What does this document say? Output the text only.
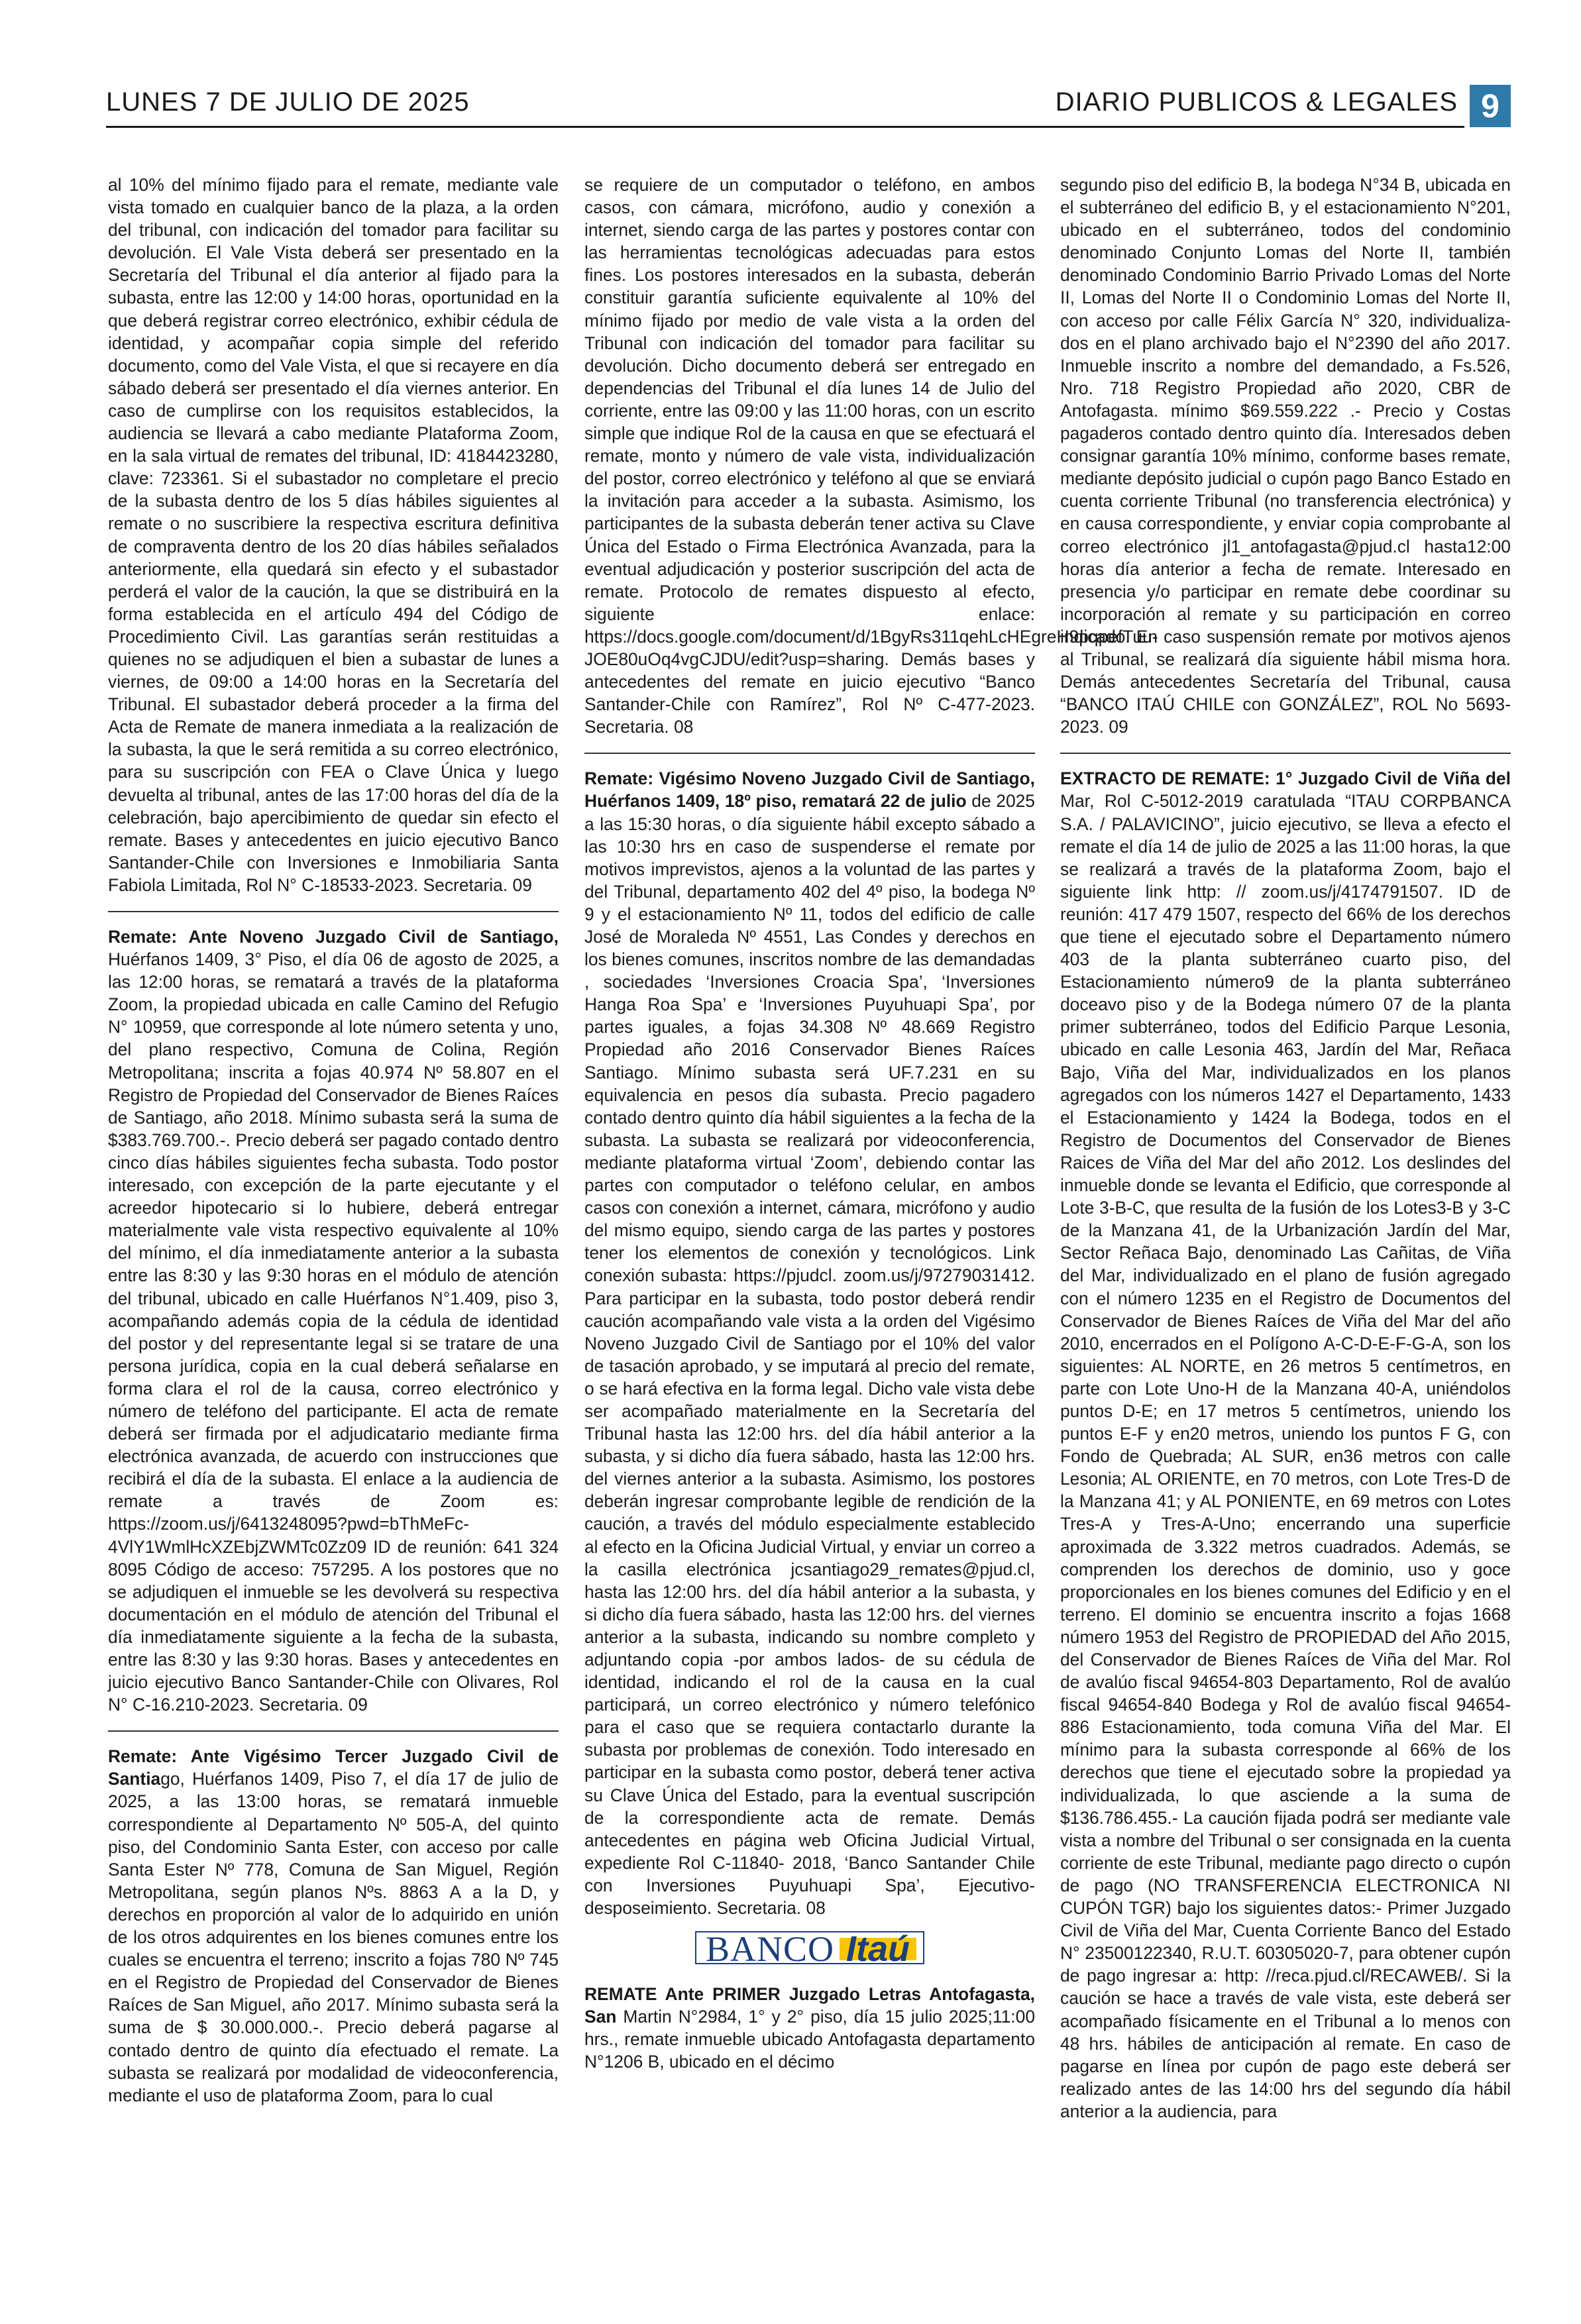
LUNES 7 DE JULIO DE 2025	DIARIO PUBLICOS & LEGALES 9

al 10% del mínimo fijado para el remate, mediante vale vista tomado en cualquier banco de la plaza, a la orden del tribunal, con indicación del tomador para facilitar su devolución. El Vale Vista deberá ser presentado en la Secretaría del Tribunal el día anterior al fijado para la subasta, entre las 12:00 y 14:00 horas, oportunidad en la que deberá registrar correo electrónico, exhibir cédula de identidad, y acompañar copia simple del referido documento, como del Vale Vista, el que si recayere en día sábado deberá ser presentado el día viernes anterior. En caso de cumplirse con los requisitos establecidos, la audiencia se llevará a cabo mediante Plataforma Zoom, en la sala virtual de remates del tribunal, ID: 4184423280, clave: 723361. Si el subastador no completare el precio de la subasta dentro de los 5 días hábiles siguientes al remate o no suscribiere la respectiva escritura definitiva de compraventa dentro de los 20 días hábiles señalados anteriormente, ella quedará sin efecto y el subastador perderá el valor de la caución, la que se distribuirá en la forma establecida en el artículo 494 del Código de Procedimiento Civil. Las garantías serán restituidas a quienes no se adjudiquen el bien a subastar de lunes a viernes, de 09:00 a 14:00 horas en la Secretaría del Tribunal. El subastador deberá proceder a la firma del Acta de Remate de manera inmediata a la realización de la subasta, la que le será remitida a su correo electrónico, para su suscripción con FEA o Clave Única y luego devuelta al tribunal, antes de las 17:00 horas del día de la celebración, bajo apercibimiento de quedar sin efecto el remate. Bases y antecedentes en juicio ejecutivo Banco Santander-Chile con Inversiones e Inmobiliaria Santa Fabiola Limitada, Rol N° C-18533-2023. Secretaria. 09

Remate: Ante Noveno Juzgado Civil de Santiago, Huérfanos 1409, 3° Piso, el día 06 de agosto de 2025, a las 12:00 horas, se rematará a través de la plataforma Zoom, la propiedad ubicada en calle Camino del Refugio N° 10959, que corresponde al lote número setenta y uno, del plano respectivo, Comuna de Colina, Región Metropolitana; inscrita a fojas 40.974 Nº 58.807 en el Registro de Propiedad del Conservador de Bienes Raíces de Santiago, año 2018. Mínimo subasta será la suma de $383.769.700.-. Precio deberá ser pagado contado dentro cinco días hábiles siguientes fecha subasta. Todo postor interesado, con excepción de la parte ejecutante y el acreedor hipotecario si lo hubiere, deberá entregar materialmente vale vista respectivo equivalente al 10% del mínimo, el día inmediatamente anterior a la subasta entre las 8:30 y las 9:30 horas en el módulo de atención del tribunal, ubicado en calle Huérfanos N°1.409, piso 3, acompañando además copia de la cédula de identidad del postor y del representante legal si se tratare de una persona jurídica, copia en la cual deberá señalarse en forma clara el rol de la causa, correo electrónico y número de teléfono del participante. El acta de remate deberá ser firmada por el adjudicatario mediante firma electrónica avanzada, de acuerdo con instrucciones que recibirá el día de la subasta. El enlace a la audiencia de remate a través de Zoom es: https://zoom.us/j/6413248095?pwd=bThMeFc-4VlY1WmlHcXZEbjZWMTc0Zz09 ID de reunión: 641 324 8095 Código de acceso: 757295. A los postores que no se adjudiquen el inmueble se les devolverá su respectiva documentación en el módulo de atención del Tribunal el día inmediatamente siguiente a la fecha de la subasta, entre las 8:30 y las 9:30 horas. Bases y antecedentes en juicio ejecutivo Banco Santander-Chile con Olivares, Rol N° C-16.210-2023. Secretaria. 09

Remate: Ante Vigésimo Tercer Juzgado Civil de Santiago, Huérfanos 1409, Piso 7, el día 17 de julio de 2025, a las 13:00 horas, se rematará inmueble correspondiente al Departamento Nº 505-A, del quinto piso, del Condominio Santa Ester, con acceso por calle Santa Ester Nº 778, Comuna de San Miguel, Región Metropolitana, según planos Nºs. 8863 A a la D, y derechos en proporción al valor de lo adquirido en unión de los otros adquirentes en los bienes comunes entre los cuales se encuentra el terreno; inscrito a fojas 780 Nº 745 en el Registro de Propiedad del Conservador de Bienes Raíces de San Miguel, año 2017. Mínimo subasta será la suma de $ 30.000.000.-. Precio deberá pagarse al contado dentro de quinto día efectuado el remate. La subasta se realizará por modalidad de videoconferencia, mediante el uso de plataforma Zoom, para lo cual

se requiere de un computador o teléfono, en ambos casos, con cámara, micrófono, audio y conexión a internet, siendo carga de las partes y postores contar con las herramientas tecnológicas adecuadas para estos fines. Los postores interesados en la subasta, deberán constituir garantía suficiente equivalente al 10% del mínimo fijado por medio de vale vista a la orden del Tribunal con indicación del tomador para facilitar su devolución. Dicho documento deberá ser entregado en dependencias del Tribunal el día lunes 14 de Julio del corriente, entre las 09:00 y las 11:00 horas, con un escrito simple que indique Rol de la causa en que se efectuará el remate, monto y número de vale vista, individualización del postor, correo electrónico y teléfono al que se enviará la invitación para acceder a la subasta. Asimismo, los participantes de la subasta deberán tener activa su Clave Única del Estado o Firma Electrónica Avanzada, para la eventual adjudicación y posterior suscripción del acta de remate. Protocolo de remates dispuesto al efecto, siguiente enlace: https://docs.google.com/document/d/1BgyRs311qehLcHEgreH9pqpefTuu-JOE80uOq4vgCJDU/edit?usp=sharing. Demás bases y antecedentes del remate en juicio ejecutivo “Banco Santander-Chile con Ramírez”, Rol Nº C-477-2023. Secretaria. 08

Remate: Vigésimo Noveno Juzgado Civil de Santiago, Huérfanos 1409, 18º piso, rematará 22 de julio de 2025 a las 15:30 horas, o día siguiente hábil excepto sábado a las 10:30 hrs en caso de suspenderse el remate por motivos imprevistos, ajenos a la voluntad de las partes y del Tribunal, departamento 402 del 4º piso, la bodega Nº 9 y el estacionamiento Nº 11, todos del edificio de calle José de Moraleda Nº 4551, Las Condes y derechos en los bienes comunes, inscritos nombre de las demandadas , sociedades ‘Inversiones Croacia Spa’, ‘Inversiones Hanga Roa Spa’ e ‘Inversiones Puyuhuapi Spa’, por partes iguales, a fojas 34.308 Nº 48.669 Registro Propiedad año 2016 Conservador Bienes Raíces Santiago. Mínimo subasta será UF.7.231 en su equivalencia en pesos día subasta. Precio pagadero contado dentro quinto día hábil siguientes a la fecha de la subasta. La subasta se realizará por videoconferencia, mediante plataforma virtual ‘Zoom’, debiendo contar las partes con computador o teléfono celular, en ambos casos con conexión a internet, cámara, micrófono y audio del mismo equipo, siendo carga de las partes y postores tener los elementos de conexión y tecnológicos. Link conexión subasta: https://pjudcl. zoom.us/j/97279031412. Para participar en la subasta, todo postor deberá rendir caución acompañando vale vista a la orden del Vigésimo Noveno Juzgado Civil de Santiago por el 10% del valor de tasación aprobado, y se imputará al precio del remate, o se hará efectiva en la forma legal. Dicho vale vista debe ser acompañado materialmente en la Secretaría del Tribunal hasta las 12:00 hrs. del día hábil anterior a la subasta, y si dicho día fuera sábado, hasta las 12:00 hrs. del viernes anterior a la subasta. Asimismo, los postores deberán ingresar comprobante legible de rendición de la caución, a través del módulo especialmente establecido al efecto en la Oficina Judicial Virtual, y enviar un correo a la casilla electrónica jcsantiago29_remates@pjud.cl, hasta las 12:00 hrs. del día hábil anterior a la subasta, y si dicho día fuera sábado, hasta las 12:00 hrs. del viernes anterior a la subasta, indicando su nombre completo y adjuntando copia -por ambos lados- de su cédula de identidad, indicando el rol de la causa en la cual participará, un correo electrónico y número telefónico para el caso que se requiera contactarlo durante la subasta por problemas de conexión. Todo interesado en participar en la subasta como postor, deberá tener activa su Clave Única del Estado, para la eventual suscripción de la correspondiente acta de remate. Demás antecedentes en página web Oficina Judicial Virtual, expediente Rol C-11840- 2018, ‘Banco Santander Chile con Inversiones Puyuhuapi Spa’, Ejecutivo- desposeimiento. Secretaria. 08

BANCO Itaú

REMATE Ante PRIMER Juzgado Letras Antofagasta, San Martin N°2984, 1° y 2° piso, día 15 julio 2025;11:00 hrs., remate inmueble ubicado Antofagasta departamento N°1206 B, ubicado en el décimo

segundo piso del edificio B, la bodega N°34 B, ubicada en el subterráneo del edificio B, y el estacionamiento N°201, ubicado en el subterráneo, todos del condominio denominado Conjunto Lomas del Norte II, también denominado Condominio Barrio Privado Lomas del Norte II, Lomas del Norte II o Condominio Lomas del Norte II, con acceso por calle Félix García N° 320, individualiza-dos en el plano archivado bajo el N°2390 del año 2017. Inmueble inscrito a nombre del demandado, a Fs.526, Nro. 718 Registro Propiedad año 2020, CBR de Antofagasta. mínimo $69.559.222 .- Precio y Costas pagaderos contado dentro quinto día. Interesados deben consignar garantía 10% mínimo, conforme bases remate, mediante depósito judicial o cupón pago Banco Estado en cuenta corriente Tribunal (no transferencia electrónica) y en causa correspondiente, y enviar copia comprobante al correo electrónico jl1_antofagasta@pjud.cl hasta12:00 horas día anterior a fecha de remate. Interesado en presencia y/o participar en remate debe coordinar su incorporación al remate y su participación en correo indicado. En caso suspensión remate por motivos ajenos al Tribunal, se realizará día siguiente hábil misma hora. Demás antecedentes Secretaría del Tribunal, causa “BANCO ITAÚ CHILE con GONZÁLEZ”, ROL No 5693-2023. 09

EXTRACTO DE REMATE: 1° Juzgado Civil de Viña del Mar, Rol C-5012-2019 caratulada “ITAU CORPBANCA S.A. / PALAVICINO”, juicio ejecutivo, se lleva a efecto el remate el día 14 de julio de 2025 a las 11:00 horas, la que se realizará a través de la plataforma Zoom, bajo el siguiente link http: // zoom.us/j/4174791507. ID de reunión: 417 479 1507, respecto del 66% de los derechos que tiene el ejecutado sobre el Departamento número 403 de la planta subterráneo cuarto piso, del Estacionamiento número9 de la planta subterráneo doceavo piso y de la Bodega número 07 de la planta primer subterráneo, todos del Edificio Parque Lesonia, ubicado en calle Lesonia 463, Jardín del Mar, Reñaca Bajo, Viña del Mar, individualizados en los planos agregados con los números 1427 el Departamento, 1433 el Estacionamiento y 1424 la Bodega, todos en el Registro de Documentos del Conservador de Bienes Raices de Viña del Mar del año 2012. Los deslindes del inmueble donde se levanta el Edificio, que corresponde al Lote 3-B-C, que resulta de la fusión de los Lotes3-B y 3-C de la Manzana 41, de la Urbanización Jardín del Mar, Sector Reñaca Bajo, denominado Las Cañitas, de Viña del Mar, individualizado en el plano de fusión agregado con el número 1235 en el Registro de Documentos del Conservador de Bienes Raíces de Viña del Mar del año 2010, encerrados en el Polígono A-C-D-E-F-G-A, son los siguientes: AL NORTE, en 26 metros 5 centímetros, en parte con Lote Uno-H de la Manzana 40-A, uniéndolos puntos D-E; en 17 metros 5 centímetros, uniendo los puntos E-F y en20 metros, uniendo los puntos F G, con Fondo de Quebrada; AL SUR, en36 metros con calle Lesonia; AL ORIENTE, en 70 metros, con Lote Tres-D de la Manzana 41; y AL PONIENTE, en 69 metros con Lotes Tres-A y Tres-A-Uno; encerrando una superficie aproximada de 3.322 metros cuadrados. Además, se comprenden los derechos de dominio, uso y goce proporcionales en los bienes comunes del Edificio y en el terreno. El dominio se encuentra inscrito a fojas 1668 número 1953 del Registro de PROPIEDAD del Año 2015, del Conservador de Bienes Raíces de Viña del Mar. Rol de avalúo fiscal 94654-803 Departamento, Rol de avalúo fiscal 94654-840 Bodega y Rol de avalúo fiscal 94654-886 Estacionamiento, toda comuna Viña del Mar. El mínimo para la subasta corresponde al 66% de los derechos que tiene el ejecutado sobre la propiedad ya individualizada, lo que asciende a la suma de $136.786.455.- La caución fijada podrá ser mediante vale vista a nombre del Tribunal o ser consignada en la cuenta corriente de este Tribunal, mediante pago directo o cupón de pago (NO TRANSFERENCIA ELECTRONICA NI CUPÓN TGR) bajo los siguientes datos:- Primer Juzgado Civil de Viña del Mar, Cuenta Corriente Banco del Estado N° 23500122340, R.U.T. 60305020-7, para obtener cupón de pago ingresar a: http: //reca.pjud.cl/RECAWEB/. Si la caución se hace a través de vale vista, este deberá ser acompañado físicamente en el Tribunal a lo menos con 48 hrs. hábiles de anticipación al remate. En caso de pagarse en línea por cupón de pago este deberá ser realizado antes de las 14:00 hrs del segundo día hábil anterior a la audiencia, para
